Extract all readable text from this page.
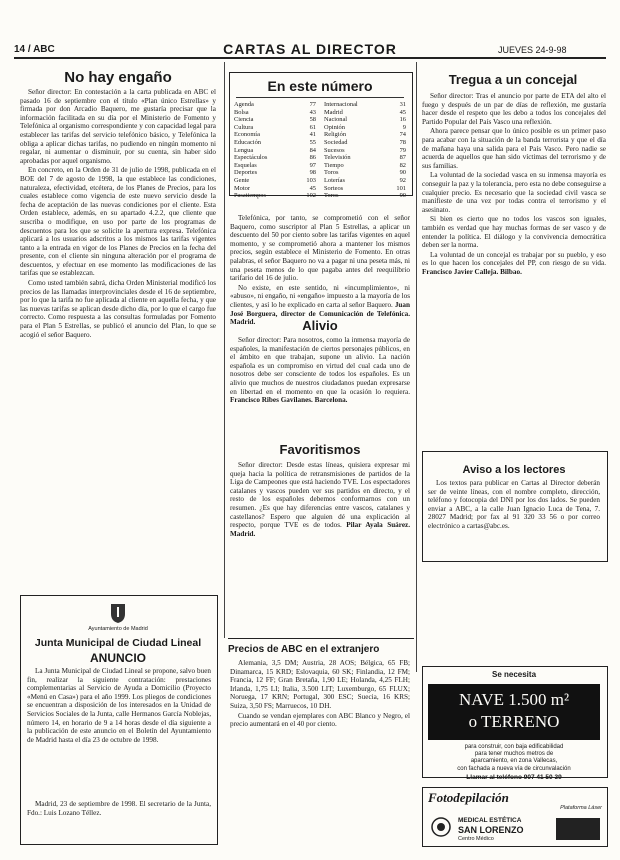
14 / ABC	CARTAS AL DIRECTOR	JUEVES 24-9-98
No hay engaño

Señor director: En contestación a la carta publicada en ABC el pasado 16 de septiembre con el título «Plan único Estrellas» y firmada por don Arcadio Baquero, me gustaría precisar que la información facilitada en su día por el Ministerio de Fomento y Telefónica al organismo correspondiente y con capacidad legal para establecer las tarifas del servicio telefónico básico, y Telefónica la obliga a aplicar dichas tarifas, no pudiendo en ningún momento ni regalar, ni aumentar o disminuir, por su cuenta, sin haber sido aprobadas por aquel organismo.

En concreto, en la Orden de 31 de julio de 1998, publicada en el BOE del 7 de agosto de 1998, la que establece las condiciones, naturaleza, efectividad, etcétera, de los Planes de Precios, para los cuales establece como vigencia de este nuevo servicio desde la fecha de aceptación de las nuevas condiciones por el cliente. Esta Orden establece, además, en su apartado 4.2.2, que cliente que suscriba o modifique, en uso por parte de los programas de descuentos para los que se solicite la apertura expresa. Telefónica aplicará a los usuarios adscritos a los mismos las tarifas vigentes tanto a la entrada en vigor de los Planes de Precios en la fecha del presente, con el cliente sin ninguna alteración por el programa de descuentos, y efectuar en ese momento las modificaciones de las tarifas que se establezcan.

Como usted también sabrá, dicha Orden Ministerial modificó los precios de las llamadas interprovinciales desde el 16 de septiembre, por lo que la tarifa no fue aplicada al cliente en aquella fecha, y que las nuevas tarifas se aplican desde dicho día, por lo que el cargo fue correcto. Como respuesta a las consultas formuladas por Fomento para el Plan 5 Estrellas, se publicó el anuncio del Plan, lo que se acogió el señor Baquero.

Ayuntamiento de Madrid
Junta Municipal de Ciudad Lineal
ANUNCIO

La Junta Municipal de Ciudad Lineal se propone, salvo buen fin, realizar la siguiente contratación: prestaciones complementarias al Servicio de Ayuda a Domicilio (Proyecto «Menú en Casa») para el año 1999. Los pliegos de condiciones se encuentran a disposición de los interesados en la Unidad de Servicios Sociales de la Junta, calle Hermanos García Noblejas, número 14, en horario de 9 a 14 horas desde el día siguiente a la publicación de este anuncio en el Boletín del Ayuntamiento de Madrid hasta el día 23 de octubre de 1998.

Madrid, 23 de septiembre de 1998. El secretario de la Junta, Fdo.: Luis Lozano Téllez.

En este número
Agenda	77
Bolsa	43
Ciencia	58
Cultura	61
Economía	41
Educación	55
Lengua	84
Espectáculos	86
Esquelas	97
Deportes	98
Gente	103
Motor	45
Pasatiempos	102
Internacional	31
Madrid	45
Nacional	16
Opinión	9
Religión	74
Sociedad	78
Sucesos	79
Televisión	87
Tiempo	82
Toros	90
Loterías	92
Sorteos	101
Toros	90

Telefónica, por tanto, se comprometió con el señor Baquero, como suscriptor al Plan 5 Estrellas, a aplicar un descuento del 50 por ciento sobre las tarifas vigentes en aquel momento, y se comprometió ahora a mantener los mismos precios, según establece el Ministerio de Fomento. En otras palabras, el señor Baquero no va a pagar ni una peseta más, ni una peseta menos de lo que pagaba antes del reequilibrio tarifario del 16 de julio.

No existe, en este sentido, ni «incumplimiento», ni «abuso», ni engaño, ni «engaño» impuesto a la mayoría de los clientes, y así lo he explicado en carta al señor Baquero. Juan José Borguera, director de Comunicación de Telefónica. Madrid.	Alivio

Señor director: Para nosotros, como la inmensa mayoría de españoles, la manifestación de ciertos personajes públicos, en el ámbito en que trabajan, supone un alivio. La nación española es un compromiso en virtud del cual cada uno de nosotros debe ser consciente de todos los españoles. Es un alivio que muchos de nuestros ciudadanos puedan expresarse en libertad en el momento en que la ocasión lo requiera. Francisco Ribes Gavilanes. Barcelona.

Favoritismos

Señor director: Desde estas líneas, quisiera expresar mi queja hacia la política de retransmisiones de partidos de la Liga de Campeones que está haciendo TVE. Los espectadores catalanes y vascos pueden ver sus partidos en directo, y el resto de los españoles debemos conformarnos con un resumen. ¿Es que hay diferencias entre vascos, catalanes y castellanos? Espero que alguien dé una explicación al respecto, porque TVE es de todos. Pilar Ayala Suárez. Madrid.

Precios de ABC en el extranjero

Alemania, 3,5 DM; Austria, 28 AOS; Bélgica, 65 FB; Dinamarca, 15 KRD; Eslovaquia, 60 SK; Finlandia, 12 FM; Francia, 12 FF; Gran Bretaña, 1,90 LE; Holanda, 4,25 FLH; Irlanda, 1,75 LI; Italia, 3.500 LIT; Luxemburgo, 65 FLUX; Noruega, 17 KRN; Portugal, 300 ESC; Suecia, 16 KRS; Suiza, 3,50 FS; Marruecos, 10 DH.

Cuando se vendan ejemplares con ABC Blanco y Negro, el precio aumentará en el 40 por ciento.

Tregua a un concejal

Señor director: Tras el anuncio por parte de ETA del alto el fuego y después de un par de días de reflexión, me gustaría hacer desde el respeto que les debo a todos los concejales del Partido Popular del País Vasco una reflexión.

Ahora parece pensar que lo único posible es un primer paso para acabar con la situación de la banda terrorista y que el día de mañana haya una salida para el País Vasco. Pero nadie se acuerda de aquellos que han sido víctimas del terrorismo y de sus familias.

La voluntad de la sociedad vasca en su inmensa mayoría es conseguir la paz y la tolerancia, pero esta no debe conseguirse a cualquier precio. Es necesario que la sociedad civil vasca se manifieste de una vez por todas contra el terrorismo y el asesinato.

Si bien es cierto que no todos los vascos son iguales, también es verdad que hay muchas formas de ser vasco y de entender la política. El diálogo y la convivencia democrática deben ser la norma.

La voluntad de un concejal es trabajar por su pueblo, y eso es lo que hacen los concejales del PP, con riesgo de su vida. Francisco Javier Calleja. Bilbao.

Aviso a los lectores

Los textos para publicar en Cartas al Director deberán ser de veinte líneas, con el nombre completo, dirección, teléfono y fotocopia del DNI por los dos lados. Se pueden enviar a ABC, a la calle Juan Ignacio Luca de Tena, 7. 28027 Madrid; por fax al 91 320 33 56 o por correo electrónico a cartas@abc.es.

Se necesita
NAVE 1.500 m²
o TERRENO
para construir, con baja edificabilidad
para tener muchos metros de
aparcamiento, en zona Vallecas,
con fachada a nueva vía de circunvalación
Llamar al teléfono 907 41 50 39
Fotodepilación
Plataforma Láser
MEDICAL ESTÉTICA
SAN LORENZO
Centro Médico
